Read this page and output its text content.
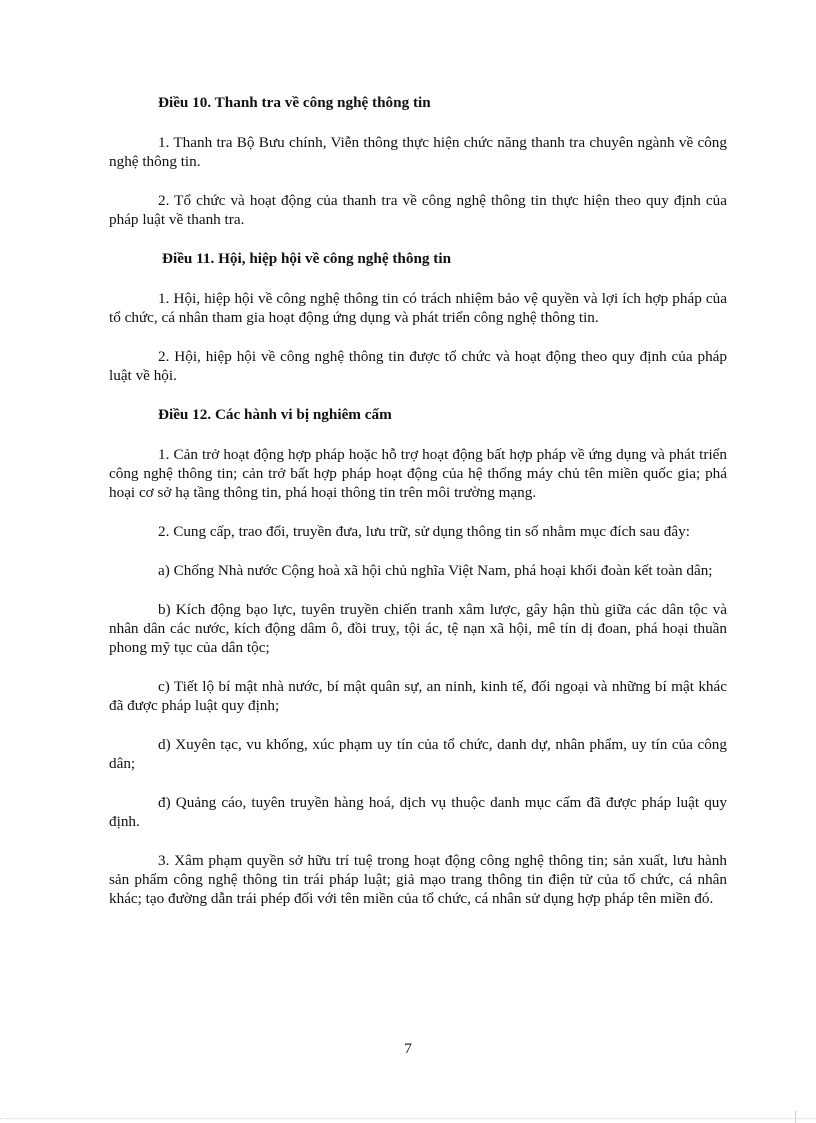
Điều 10. Thanh tra về công nghệ thông tin

1. Thanh tra Bộ Bưu chính, Viễn thông thực hiện chức năng thanh tra chuyên ngành về công nghệ thông tin.

2. Tổ chức và hoạt động của thanh tra về công nghệ thông tin thực hiện theo quy định của pháp luật về thanh tra.

Điều 11. Hội, hiệp hội về công nghệ thông tin

1. Hội, hiệp hội về công nghệ thông tin có trách nhiệm bảo vệ quyền và lợi ích hợp pháp của tổ chức, cá nhân tham gia hoạt động ứng dụng và phát triển công nghệ thông tin.

2. Hội, hiệp hội về công nghệ thông tin được tổ chức và hoạt động theo quy định của pháp luật về hội.

Điều 12. Các hành vi bị nghiêm cấm

1. Cản trở hoạt động hợp pháp hoặc hỗ trợ hoạt động bất hợp pháp về ứng dụng và phát triển công nghệ thông tin; cản trở bất hợp pháp hoạt động của hệ thống máy chủ tên miền quốc gia; phá hoại cơ sở hạ tầng thông tin, phá hoại thông tin trên môi trường mạng.

2. Cung cấp, trao đổi, truyền đưa, lưu trữ, sử dụng thông tin số nhằm mục đích sau đây:

a) Chống Nhà nước Cộng hoà xã hội chủ nghĩa Việt Nam, phá hoại khối đoàn kết toàn dân;

b) Kích động bạo lực, tuyên truyền chiến tranh xâm lược, gây hận thù giữa các dân tộc và nhân dân các nước, kích động dâm ô, đồi truỵ, tội ác, tệ nạn xã hội, mê tín dị đoan, phá hoại thuần phong mỹ tục của dân tộc;

c) Tiết lộ bí mật nhà nước, bí mật quân sự, an ninh, kinh tế, đối ngoại và những bí mật khác đã được pháp luật quy định;

d) Xuyên tạc, vu khống, xúc phạm uy tín của tổ chức, danh dự, nhân phẩm, uy tín của công dân;

đ) Quảng cáo, tuyên truyền hàng hoá, dịch vụ thuộc danh mục cấm đã được pháp luật quy định.

3. Xâm phạm quyền sở hữu trí tuệ trong hoạt động công nghệ thông tin; sản xuất, lưu hành sản phẩm công nghệ thông tin trái pháp luật; giả mạo trang thông tin điện tử của tổ chức, cá nhân khác; tạo đường dẫn trái phép đối với tên miền của tổ chức, cá nhân sử dụng hợp pháp tên miền đó.

7
